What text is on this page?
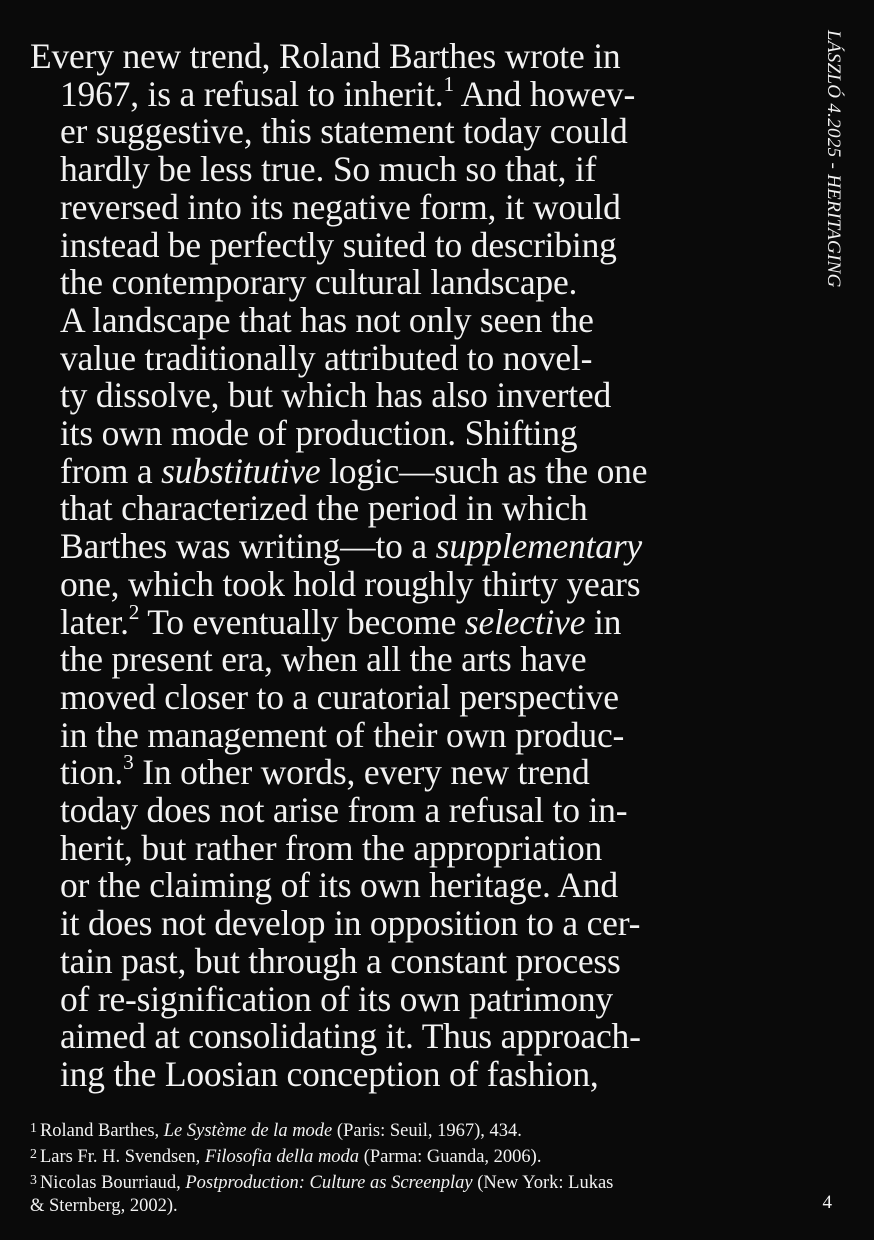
LÁSZLÓ 4.2025 - HERITAGING
Every new trend, Roland Barthes wrote in
1967, is a refusal to inherit.$^1$ And howev-
er suggestive, this statement today could
hardly be less true. So much so that, if
reversed into its negative form, it would
instead be perfectly suited to describing
the contemporary cultural landscape.
A landscape that has not only seen the
value traditionally attributed to novel-
ty dissolve, but which has also inverted
its own mode of production. Shifting
from a substitutive logic—such as the one
that characterized the period in which
Barthes was writing—to a supplementary
one, which took hold roughly thirty years
later.$^2$ To eventually become selective in
the present era, when all the arts have
moved closer to a curatorial perspective
in the management of their own produc-
tion.$^3$ In other words, every new trend
today does not arise from a refusal to in-
herit, but rather from the appropriation
or the claiming of its own heritage. And
it does not develop in opposition to a cer-
tain past, but through a constant process
of re-signification of its own patrimony
aimed at consolidating it. Thus approach-
ing the Loosian conception of fashion,
$^1$ Roland Barthes, Le Système de la mode (Paris: Seuil, 1967), 434.
$^2$ Lars Fr. H. Svendsen, Filosofia della moda (Parma: Guanda, 2006).
$^3$ Nicolas Bourriaud, Postproduction: Culture as Screenplay (New York: Lukas
& Sternberg, 2002).	4
